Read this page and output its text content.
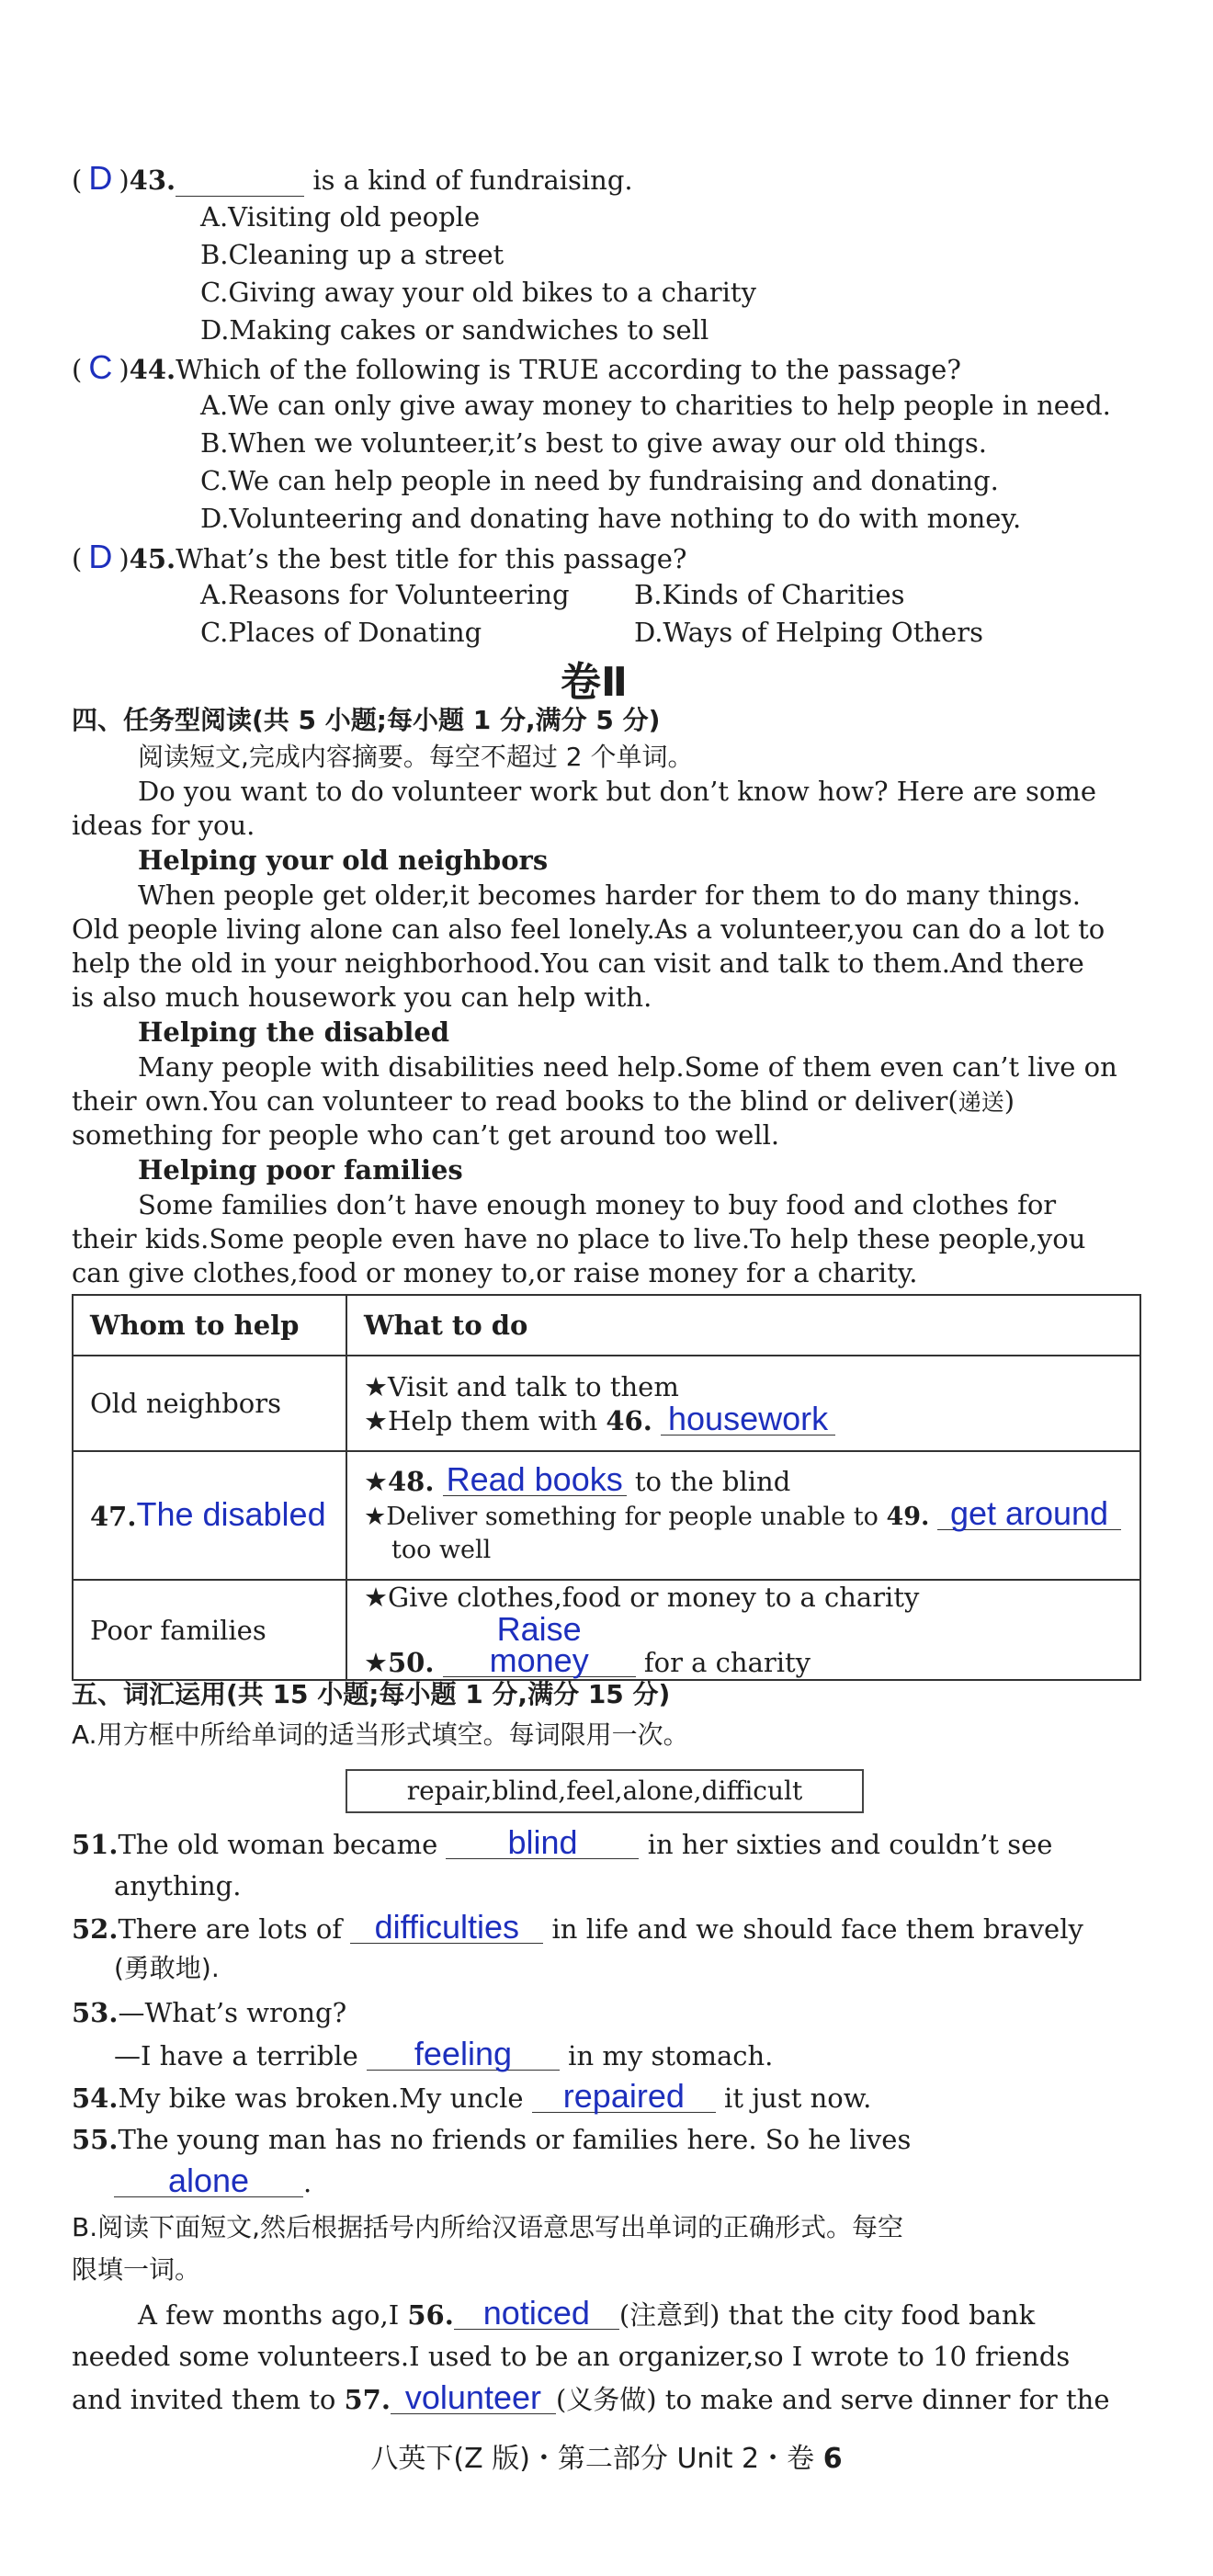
( D )43.	is a kind of fundraising.
A.Visiting old people
B.Cleaning up a street
C.Giving away your old bikes to a charity
D.Making cakes or sandwiches to sell
( C )44.Which of the following is TRUE according to the passage?
A.We can only give away money to charities to help people in need.
B.When we volunteer,it’s best to give away our old things.
C.We can help people in need by fundraising and donating.
D.Volunteering and donating have nothing to do with money.
( D )45.What’s the best title for this passage?
A.Reasons for Volunteering B.Kinds of Charities
C.Places of Donating	D.Ways of Helping Others
卷Ⅱ
四、任务型阅读(共 5 小题;每小题 1 分,满分 5 分)
阅读短文,完成内容摘要。每空不超过 2 个单词。
Do you want to do volunteer work but don’t know how? Here are some
ideas for you.
Helping your old neighbors
When people get older,it becomes harder for them to do many things.
Old people living alone can also feel lonely.As a volunteer,you can do a lot to
help the old in your neighborhood.You can visit and talk to them.And there
is also much housework you can help with.
Helping the disabled
Many people with disabilities need help.Some of them even can’t live on
their own.You can volunteer to read books to the blind or deliver(递送)
something for people who can’t get around too well.
Helping poor families
Some families don’t have enough money to buy food and clothes for
their kids.Some people even have no place to live.To help these people,you
can give clothes,food or money to,or raise money for a charity.
Whom to help	What to do
Old neighbors	★Visit and talk to them
★Help them with 46. housework

47.The disabled	★48. Read books to the blind
★Deliver something for people unable to 49. get around
too well

Poor families	★Give clothes,food or money to a charity
★50. Raise money for a charity
五、词汇运用(共 15 小题;每小题 1 分,满分 15 分)
A.用方框中所给单词的适当形式填空。每词限用一次。
repair,blind,feel,alone,difficult
51.The old woman became blind	in her sixties and couldn’t see
anything.
52.There are lots of difficulties in life and we should face them bravely
(勇敢地).
53.—What’s wrong?
—I have a terrible feeling in my stomach.
54.My bike was broken.My uncle repaired it just now.
55.The young man has no friends or families here. So he lives
alone .
B.阅读下面短文,然后根据括号内所给汉语意思写出单词的正确形式。每空
限填一词。
A few months ago,I 56. noticed (注意到) that the city food bank
needed some volunteers.I used to be an organizer,so I wrote to 10 friends
and invited them to 57. volunteer (义务做) to make and serve dinner for the
八英下(Z 版)・第二部分 Unit 2・卷 6
